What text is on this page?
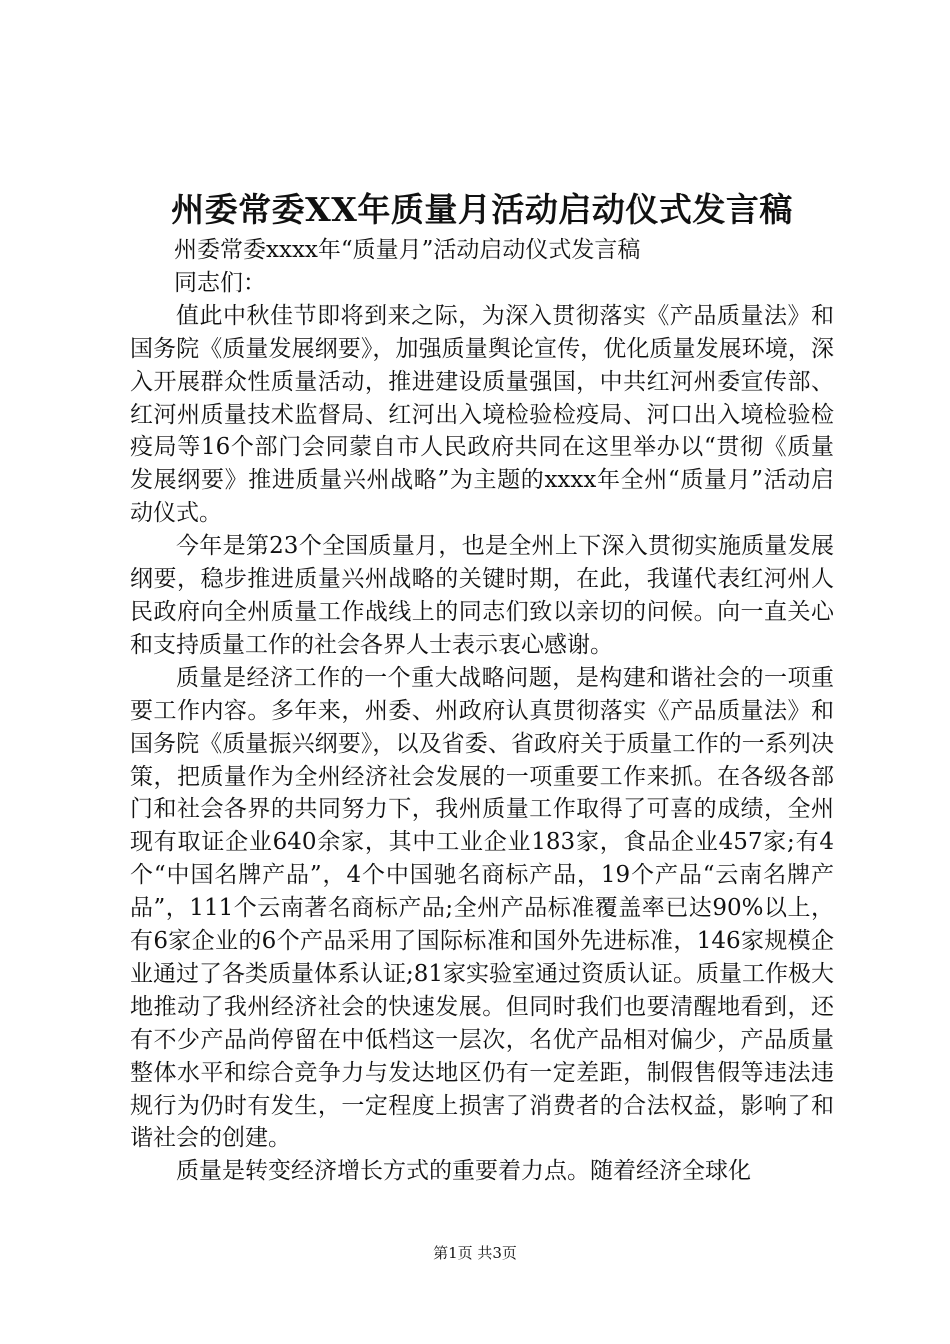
州委常委XX年质量月活动启动仪式发言稿

州委常委xxxx年“质量月”活动启动仪式发言稿

同志们：

值此中秋佳节即将到来之际，为深入贯彻落实《产品质量法》和国务院《质量发展纲要》，加强质量舆论宣传，优化质量发展环境，深入开展群众性质量活动，推进建设质量强国，中共红河州委宣传部、红河州质量技术监督局、红河出入境检验检疫局、河口出入境检验检疫局等16个部门会同蒙自市人民政府共同在这里举办以“贯彻《质量发展纲要》推进质量兴州战略”为主题的xxxx年全州“质量月”活动启动仪式。

今年是第23个全国质量月，也是全州上下深入贯彻实施质量发展纲要，稳步推进质量兴州战略的关键时期，在此，我谨代表红河州人民政府向全州质量工作战线上的同志们致以亲切的问候。向一直关心和支持质量工作的社会各界人士表示衷心感谢。

质量是经济工作的一个重大战略问题，是构建和谐社会的一项重要工作内容。多年来，州委、州政府认真贯彻落实《产品质量法》和国务院《质量振兴纲要》，以及省委、省政府关于质量工作的一系列决策，把质量作为全州经济社会发展的一项重要工作来抓。在各级各部门和社会各界的共同努力下，我州质量工作取得了可喜的成绩，全州现有取证企业640余家，其中工业企业183家，食品企业457家;有4个“中国名牌产品”，4个中国驰名商标产品，19个产品“云南名牌产品”，111个云南著名商标产品;全州产品标准覆盖率已达90%以上，有6家企业的6个产品采用了国际标准和国外先进标准，146家规模企业通过了各类质量体系认证;81家实验室通过资质认证。质量工作极大地推动了我州经济社会的快速发展。但同时我们也要清醒地看到，还有不少产品尚停留在中低档这一层次，名优产品相对偏少，产品质量整体水平和综合竞争力与发达地区仍有一定差距，制假售假等违法违规行为仍时有发生，一定程度上损害了消费者的合法权益，影响了和谐社会的创建。

质量是转变经济增长方式的重要着力点。随着经济全球化

第1页 共3页
